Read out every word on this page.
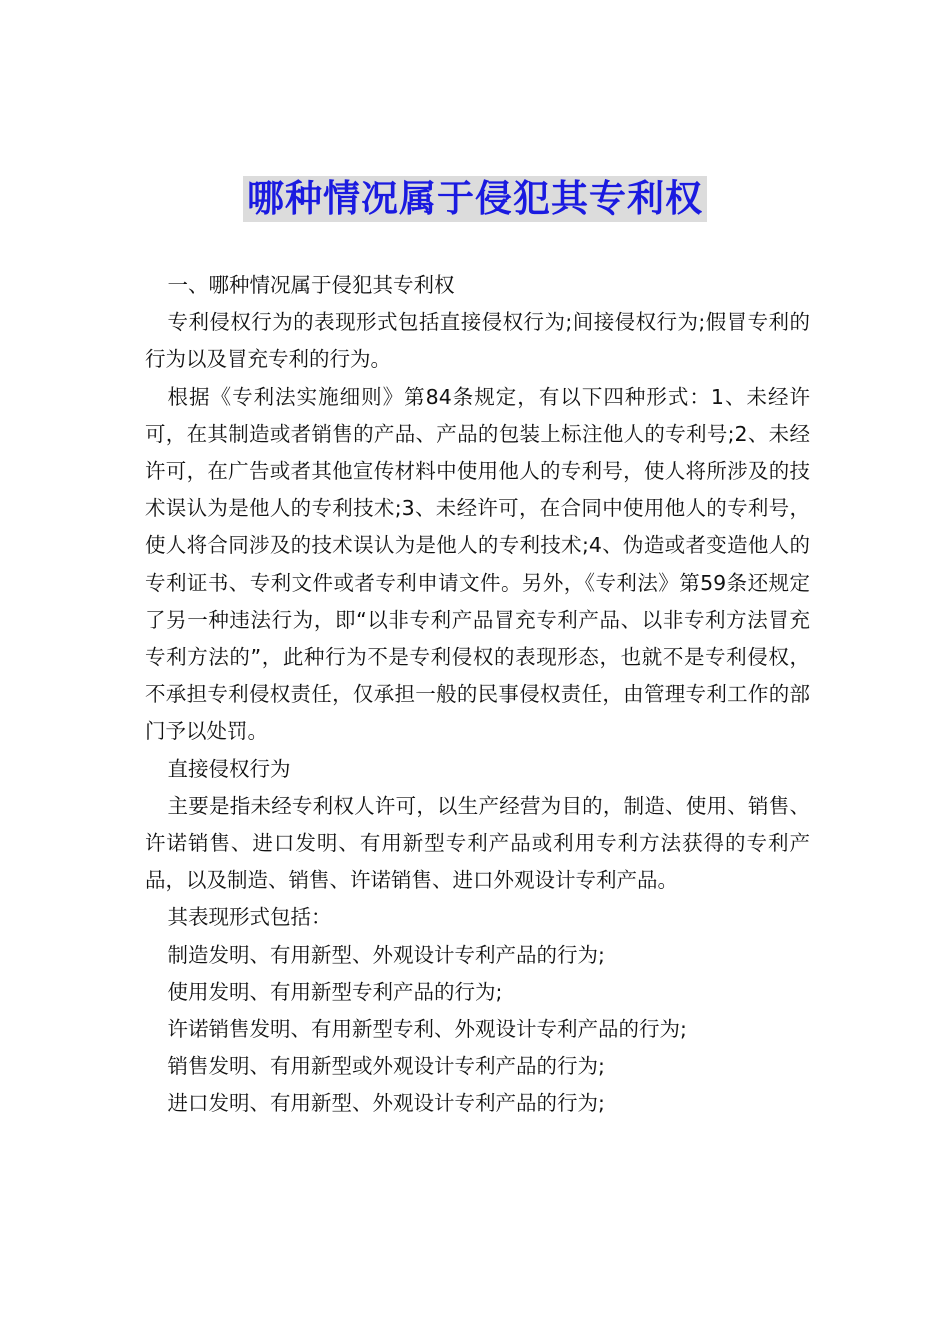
哪种情况属于侵犯其专利权

一、哪种情况属于侵犯其专利权

专利侵权行为的表现形式包括直接侵权行为;间接侵权行为;假冒专利的行为以及冒充专利的行为。

根据《专利法实施细则》第84条规定，有以下四种形式：1、未经许可，在其制造或者销售的产品、产品的包装上标注他人的专利号;2、未经许可，在广告或者其他宣传材料中使用他人的专利号，使人将所涉及的技术误认为是他人的专利技术;3、未经许可，在合同中使用他人的专利号，使人将合同涉及的技术误认为是他人的专利技术;4、伪造或者变造他人的专利证书、专利文件或者专利申请文件。另外，《专利法》第59条还规定了另一种违法行为，即“以非专利产品冒充专利产品、以非专利方法冒充专利方法的”，此种行为不是专利侵权的表现形态，也就不是专利侵权，不承担专利侵权责任，仅承担一般的民事侵权责任，由管理专利工作的部门予以处罚。

直接侵权行为

主要是指未经专利权人许可，以生产经营为目的，制造、使用、销售、许诺销售、进口发明、有用新型专利产品或利用专利方法获得的专利产品，以及制造、销售、许诺销售、进口外观设计专利产品。

其表现形式包括：

制造发明、有用新型、外观设计专利产品的行为;

使用发明、有用新型专利产品的行为;

许诺销售发明、有用新型专利、外观设计专利产品的行为;

销售发明、有用新型或外观设计专利产品的行为;

进口发明、有用新型、外观设计专利产品的行为;
